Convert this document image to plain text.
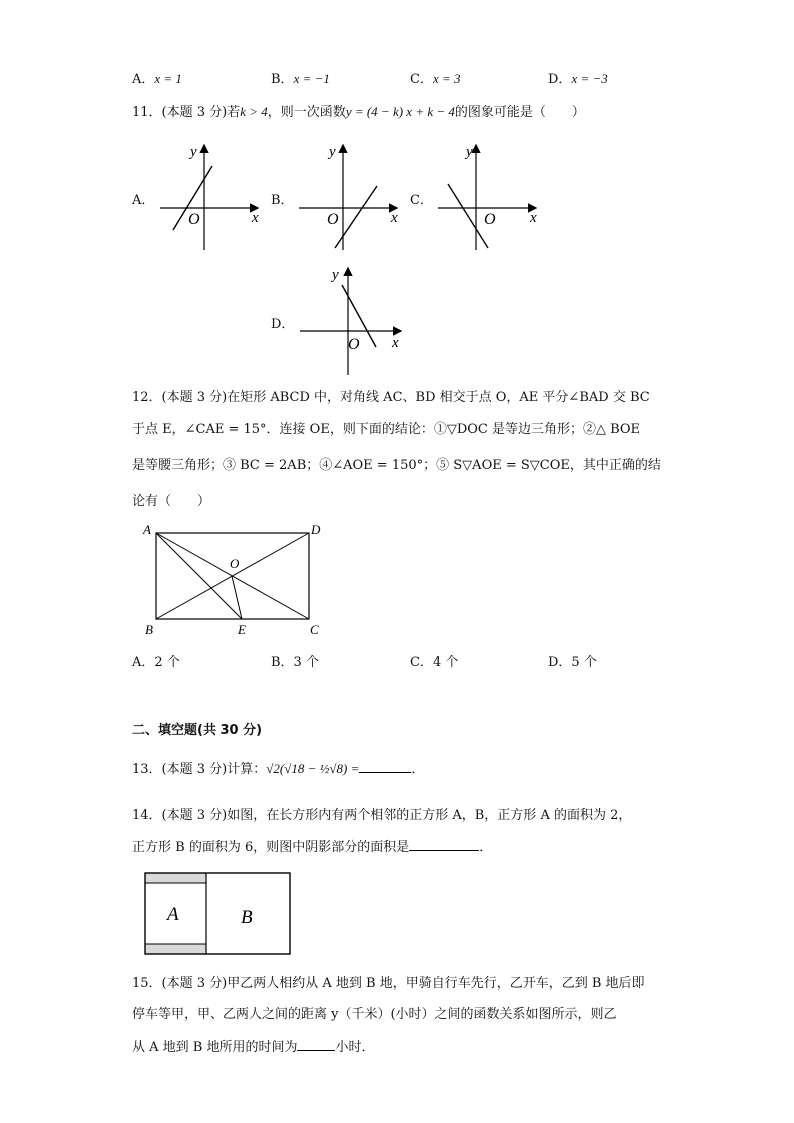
A．x = 1	B．x = −1	C．x = 3	D．x = −3
11．(本题 3 分)若k > 4，则一次函数y = (4 − k) x + k − 4的图象可能是（　　）
A．
y
x
O
B．
y
x
O
C．
y
x
O
D．
y
x
O
12．(本题 3 分)在矩形 ABCD 中，对角线 AC、BD 相交于点 O，AE 平分∠BAD 交 BC
于点 E，∠CAE = 15°．连接 OE，则下面的结论：①▽DOC 是等边三角形；②△ BOE
是等腰三角形；③ BC = 2AB；④∠AOE = 150°；⑤ S▽AOE = S▽COE，其中正确的结
论有（　　）
A	D
B	C
O
E
A．2 个	B．3 个	C．4 个	D．5 个
二、填空题(共 30 分)
13．(本题 3 分)计算：√2(√18 − ½√8) =	．
14．(本题 3 分)如图，在长方形内有两个相邻的正方形 A，B，正方形 A 的面积为 2，
正方形 B 的面积为 6，则图中阴影部分的面积是	．
A	B
15．(本题 3 分)甲乙两人相约从 A 地到 B 地，甲骑自行车先行，乙开车，乙到 B 地后即
停车等甲，甲、乙两人之间的距离 y（千米）(小时）之间的函数关系如图所示，则乙
从 A 地到 B 地所用的时间为	小时．
